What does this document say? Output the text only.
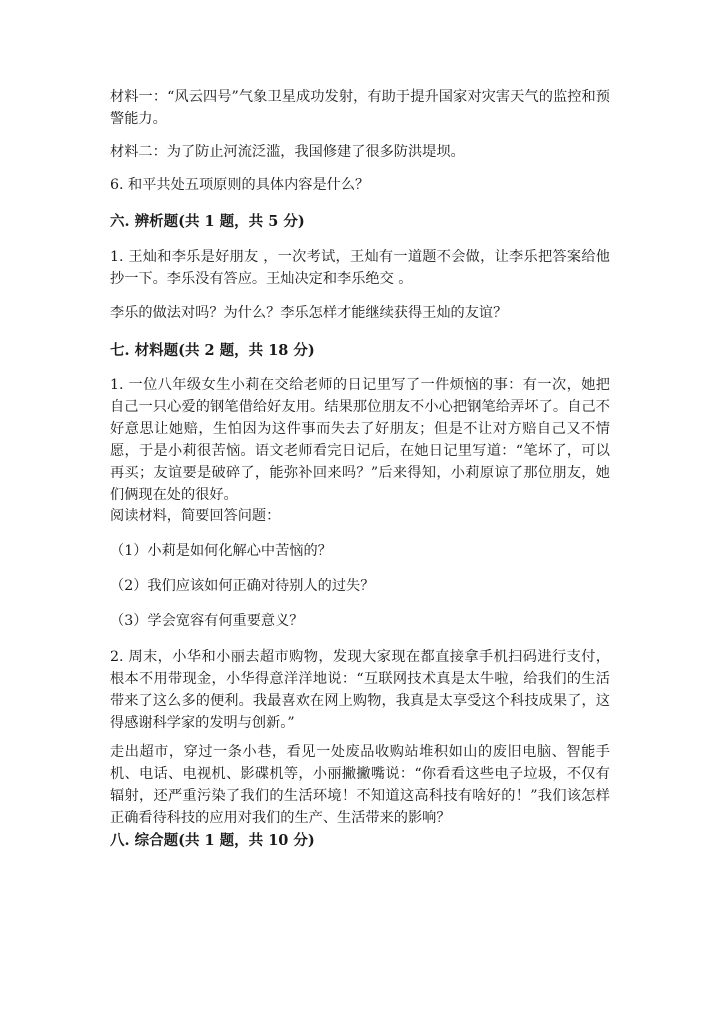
材料一：“风云四号”气象卫星成功发射，有助于提升国家对灾害天气的监控和预警能力。

材料二：为了防止河流泛滥，我国修建了很多防洪堤坝。

6. 和平共处五项原则的具体内容是什么？

六. 辨析题(共 1 题，共 5 分)

1. 王灿和李乐是好朋友 ，一次考试，王灿有一道题不会做，让李乐把答案给他抄一下。李乐没有答应。王灿决定和李乐绝交 。

李乐的做法对吗？为什么？李乐怎样才能继续获得王灿的友谊？

七. 材料题(共 2 题，共 18 分)

1. 一位八年级女生小莉在交给老师的日记里写了一件烦恼的事：有一次，她把自己一只心爱的钢笔借给好友用。结果那位朋友不小心把钢笔给弄坏了。自己不好意思让她赔，生怕因为这件事而失去了好朋友；但是不让对方赔自己又不情愿，于是小莉很苦恼。语文老师看完日记后，在她日记里写道：“笔坏了，可以再买；友谊要是破碎了，能弥补回来吗？”后来得知，小莉原谅了那位朋友，她们俩现在处的很好。

阅读材料，简要回答问题：

（1）小莉是如何化解心中苦恼的？

（2）我们应该如何正确对待别人的过失？

（3）学会宽容有何重要意义？

2. 周末，小华和小丽去超市购物，发现大家现在都直接拿手机扫码进行支付，根本不用带现金，小华得意洋洋地说：“互联网技术真是太牛啦，给我们的生活带来了这么多的便利。我最喜欢在网上购物，我真是太享受这个科技成果了，这得感谢科学家的发明与创新。”

走出超市，穿过一条小巷，看见一处废品收购站堆积如山的废旧电脑、智能手机、电话、电视机、影碟机等，小丽撇撇嘴说：“你看看这些电子垃圾，不仅有辐射，还严重污染了我们的生活环境！不知道这高科技有啥好的！”我们该怎样正确看待科技的应用对我们的生产、生活带来的影响？

八. 综合题(共 1 题，共 10 分)
